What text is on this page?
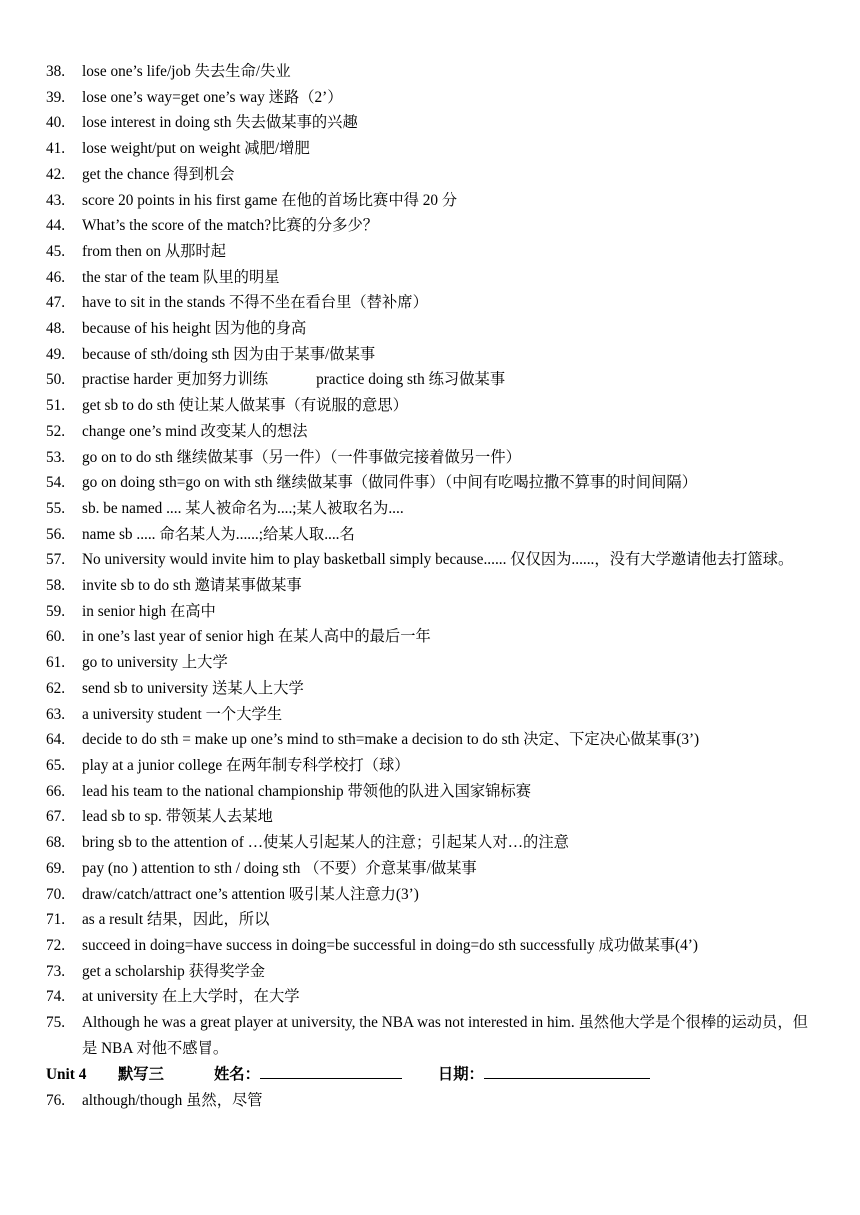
38.	lose one’s life/job 失去生命/失业
39.	lose one’s way=get one’s way 迷路（2’）
40.	lose interest in doing sth 失去做某事的兴趣
41.	lose weight/put on weight 减肥/增肥
42.	get the chance 得到机会
43.	score 20 points in his first game 在他的首场比赛中得 20 分
44.	What’s the score of the match?比赛的分多少？
45.	from then on 从那时起
46.	the star of the team 队里的明星
47.	have to sit in the stands 不得不坐在看台里（替补席）
48.	because of his height 因为他的身高
49.	because of sth/doing sth 因为由于某事/做某事
50.	practise harder 更加努力训练	practice doing sth 练习做某事
51.	get sb to do sth 使让某人做某事（有说服的意思）
52.	change one’s mind 改变某人的想法
53.	go on to do sth 继续做某事（另一件）（一件事做完接着做另一件）
54.	go on doing sth=go on with sth 继续做某事（做同件事）（中间有吃喝拉撒不算事的时间间隔）
55.	sb. be named .... 某人被命名为....;某人被取名为....
56.	name sb ..... 命名某人为......;给某人取....名
57.	No university would invite him to play basketball simply because...... 仅仅因为......，没有大学邀请他去打篮球。
58.	invite sb to do sth 邀请某事做某事
59.	in senior high 在高中
60.	in one’s last year of senior high 在某人高中的最后一年
61.	go to university 上大学
62.	send sb to university 送某人上大学
63.	a university student 一个大学生
64.	decide to do sth = make up one’s mind to sth=make a decision to do sth 决定、下定决心做某事(3’)
65.	play at a junior college 在两年制专科学校打（球）
66.	lead his team to the national championship 带领他的队进入国家锦标赛
67.	lead sb to sp. 带领某人去某地
68.	bring sb to the attention of …使某人引起某人的注意；引起某人对…的注意
69.	pay (no ) attention to sth / doing sth （不要）介意某事/做某事
70.	draw/catch/attract one’s attention 吸引某人注意力(3’)
71.	as a result 结果，因此，所以
72.	succeed in doing=have success in doing=be successful in doing=do sth successfully 成功做某事(4’)
73.	get a scholarship 获得奖学金
74.	at university 在上大学时，在大学
75.	Although he was a great player at university, the NBA was not interested in him. 虽然他大学是个很棒的运动员，但是 NBA 对他不感冒。
Unit 4	默写三	姓名：	日期：
76.	although/though 虽然，尽管
